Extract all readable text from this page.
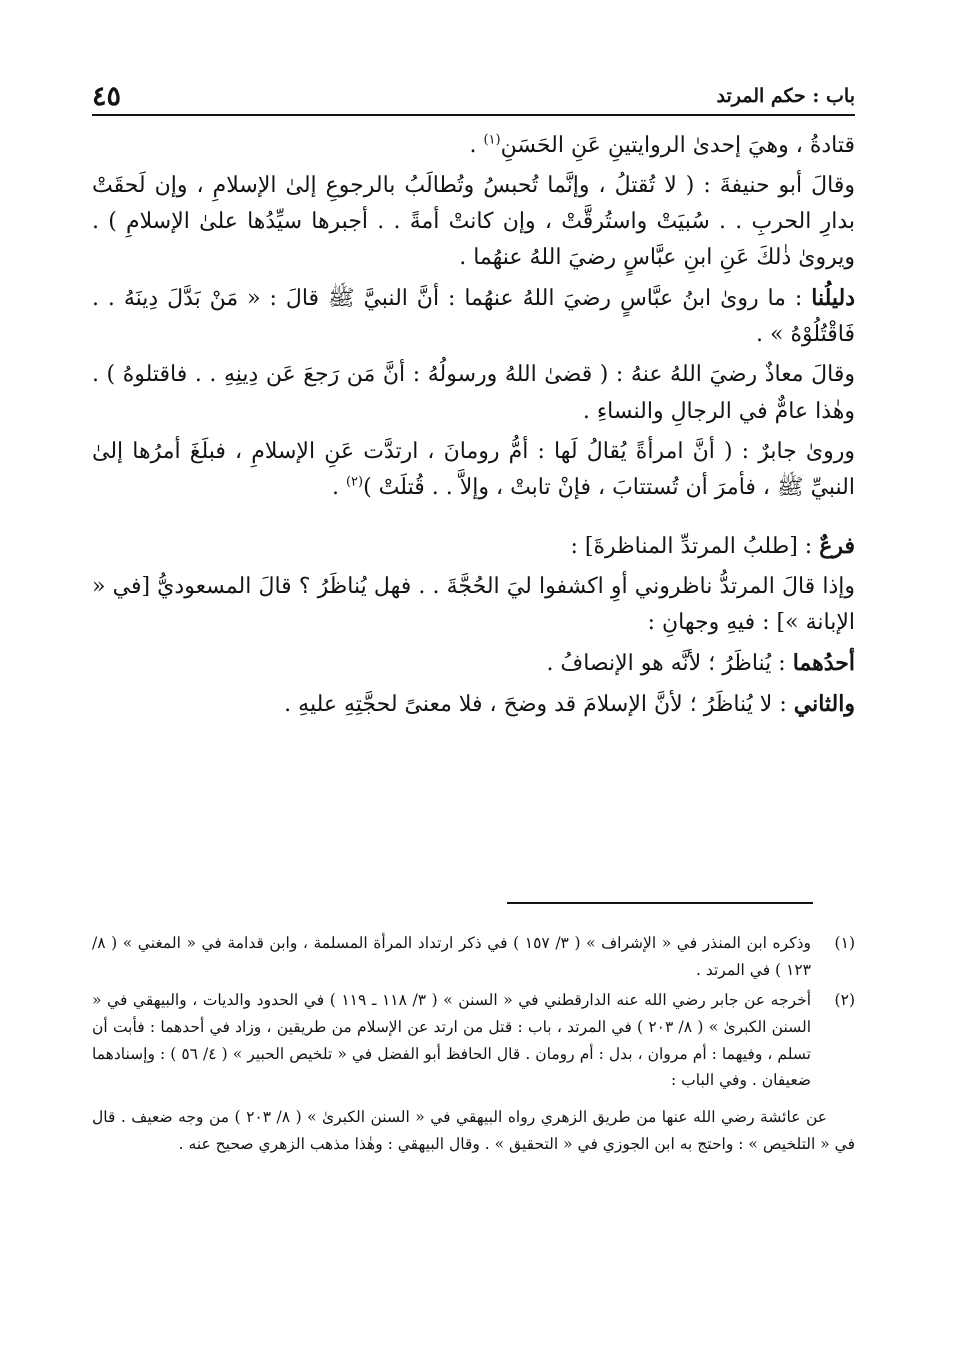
باب : حكم المرتد
٤٥

قتادةُ ، وهيَ إحدىٰ الروايتينِ عَنِ الحَسَنِ$^{(١)}$ .

وقالَ أبو حنيفةَ : ( لا تُقتلُ ، وإنَّما تُحبسُ وتُطالَبُ بالرجوعِ إلىٰ الإسلامِ ، وإن لَحقَتْ بدارِ الحربِ . . سُبيَتْ واستُرقَّتْ ، وإن كانتْ أمةً . . أجبرها سيِّدُها علىٰ الإسلامِ ) . ويروىٰ ذٰلكَ عَنِ ابنِ عبَّاسٍ رضيَ اللهُ عنهُما .

دليلُنا : ما روىٰ ابنُ عبَّاسٍ رضيَ اللهُ عنهُما : أنَّ النبيَّ ﷺ قالَ : « مَنْ بَدَّلَ دِينَهُ . . فَاقْتُلُوْهُ » .

وقالَ معاذٌ رضيَ اللهُ عنهُ : ( قضىٰ اللهُ ورسولُهُ : أنَّ مَن رَجعَ عَن دِينِهِ . . فاقتلوهُ ) . وهٰذا عامٌّ في الرجالِ والنساءِ .

وروىٰ جابرٌ : ( أنَّ امرأةً يُقالُ لَها : أمُّ رومانَ ، ارتدَّت عَنِ الإسلامِ ، فبلَغَ أمرُها إلىٰ النبيِّ ﷺ ، فأمرَ أن تُستتابَ ، فإنْ تابتْ ، وإلاَّ . . قُتلَتْ )$^{(٢)}$ .

فرعٌ : [طلبُ المرتدِّ المناظرةَ] :

وإذا قالَ المرتدُّ ناظروني أوِ اكشفوا ليَ الحُجَّةَ . . فهل يُناظَرُ ؟ قالَ المسعوديُّ [في « الإبانة »] : فيهِ وجهانِ :

أحدُهما : يُناظَرُ ؛ لأنَّه هو الإنصافُ .

والثاني : لا يُناظَرُ ؛ لأنَّ الإسلامَ قد وضحَ ، فلا معنىً لحجَّتِهِ عليهِ .

(١)
وذكره ابن المنذر في « الإشراف » ( ٣/ ١٥٧ ) في ذكر ارتداد المرأة المسلمة ، وابن قدامة في « المغني » ( ٨/ ١٢٣ ) في المرتد .
(٢)
أخرجه عن جابر رضي الله عنه الدارقطني في « السنن » ( ٣/ ١١٨ ـ ١١٩ ) في الحدود والديات ، والبيهقي في « السنن الكبرىٰ » ( ٨/ ٢٠٣ ) في المرتد ، باب : قتل من ارتد عن الإسلام من طريقين ، وزاد في أحدهما : فأبت أن تسلم ، وفيهما : أم مروان ، بدل : أم رومان . قال الحافظ أبو الفضل في « تلخيص الحبير » ( ٤/ ٥٦ ) : وإسنادهما ضعيفان . وفي الباب :
عن عائشة رضي الله عنها من طريق الزهري رواه البيهقي في « السنن الكبرىٰ » ( ٨/ ٢٠٣ ) من وجه ضعيف . قال في « التلخيص » : واحتج به ابن الجوزي في « التحقيق » . وقال البيهقي : وهٰذا مذهب الزهري صحيح عنه .
